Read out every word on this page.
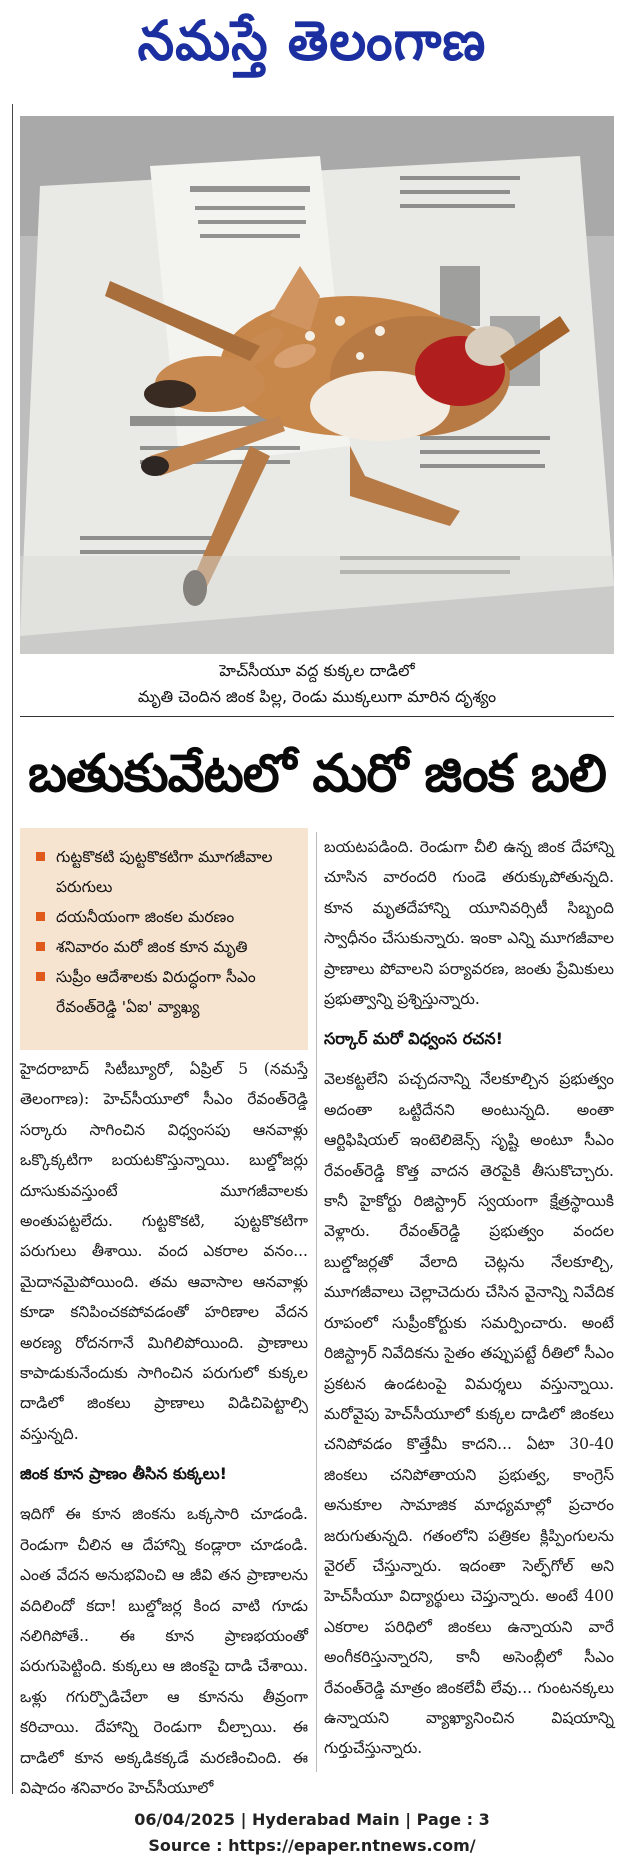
నమస్తే తెలంగాణ
హెచ్‌సీయూ వద్ద కుక్కల దాడిలో
మృతి చెందిన జింక పిల్ల, రెండు ముక్కలుగా మారిన దృశ్యం
బతుకువేటలో మరో జింక బలి
గుట్టకొకటి పుట్టకొకటిగా మూగజీవాల పరుగులు
దయనీయంగా జింకల మరణం
శనివారం మరో జింక కూన మృతి
సుప్రీం ఆదేశాలకు విరుద్ధంగా సీఎం రేవంత్‌రెడ్డి 'ఏఐ' వ్యాఖ్య

హైదరాబాద్ సిటీబ్యూరో, ఏప్రిల్ 5 (నమస్తే తెలంగాణ): హెచ్‌సీయూలో సీఎం రేవంత్‌రెడ్డి సర్కారు సాగించిన విధ్వంసపు ఆనవాళ్లు ఒక్కొక్కటిగా బయటకొస్తున్నాయి. బుల్డోజర్లు దూసుకువస్తుంటే మూగజీవాలకు అంతుపట్టలేదు. గుట్టకొకటి, పుట్టకొకటిగా పరుగులు తీశాయి. వంద ఎకరాల వనం... మైదానమైపోయింది. తమ ఆవాసాల ఆనవాళ్లు కూడా కనిపించకపోవడంతో హరిణాల వేదన అరణ్య రోదనగానే మిగిలిపోయింది. ప్రాణాలు కాపాడుకునేందుకు సాగించిన పరుగులో కుక్కల దాడిలో జింకలు ప్రాణాలు విడిచిపెట్టాల్సి వస్తున్నది.

జింక కూన ప్రాణం తీసిన కుక్కలు!

ఇదిగో ఈ కూన జింకను ఒక్కసారి చూడండి. రెండుగా చీలిన ఆ దేహాన్ని కండ్లారా చూడండి. ఎంత వేదన అనుభవించి ఆ జీవి తన ప్రాణాలను వదిలిందో కదా! బుల్డోజర్ల కింద వాటి గూడు నలిగిపోతే.. ఈ కూన ప్రాణభయంతో పరుగుపెట్టింది. కుక్కలు ఆ జింకపై దాడి చేశాయి. ఒళ్లు గగుర్పొడిచేలా ఆ కూనను తీవ్రంగా కరిచాయి. దేహాన్ని రెండుగా చీల్చాయి. ఈ దాడిలో కూన అక్కడికక్కడే మరణించింది. ఈ విషాదం శనివారం హెచ్‌సీయూలో

బయటపడింది. రెండుగా చీలి ఉన్న జింక దేహాన్ని చూసిన వారందరి గుండె తరుక్కుపోతున్నది. కూన మృతదేహాన్ని యూనివర్సిటీ సిబ్బంది స్వాధీనం చేసుకున్నారు. ఇంకా ఎన్ని మూగజీవాల ప్రాణాలు పోవాలని పర్యావరణ, జంతు ప్రేమికులు ప్రభుత్వాన్ని ప్రశ్నిస్తున్నారు.

సర్కార్ మరో విధ్వంస రచన!

వెలకట్టలేని పచ్చదనాన్ని నేలకూల్చిన ప్రభుత్వం అదంతా ఒట్టిదేనని అంటున్నది. అంతా ఆర్టిఫిషియల్ ఇంటెలిజెన్స్ సృష్టి అంటూ సీఎం రేవంత్‌రెడ్డి కొత్త వాదన తెరపైకి తీసుకొచ్చారు. కానీ హైకోర్టు రిజిస్ట్రార్ స్వయంగా క్షేత్రస్థాయికి వెళ్లారు. రేవంత్‌రెడ్డి ప్రభుత్వం వందల బుల్డోజర్లతో వేలాది చెట్లను నేలకూల్చి, మూగజీవాలు చెల్లాచెదురు చేసిన వైనాన్ని నివేదిక రూపంలో సుప్రీంకోర్టుకు సమర్పించారు. అంటే రిజిస్ట్రార్ నివేదికను సైతం తప్పుపట్టే రీతిలో సీఎం ప్రకటన ఉండటంపై విమర్శలు వస్తున్నాయి. మరోవైపు హెచ్‌సీయూలో కుక్కల దాడిలో జింకలు చనిపోవడం కొత్తేమీ కాదని... ఏటా 30-40 జింకలు చనిపోతాయని ప్రభుత్వ, కాంగ్రెస్ అనుకూల సామాజిక మాధ్యమాల్లో ప్రచారం జరుగుతున్నది. గతంలోని పత్రికల క్లిప్పింగులను వైరల్ చేస్తున్నారు. ఇదంతా సెల్ఫ్‌గోల్ అని హెచ్‌సీయూ విద్యార్థులు చెప్తున్నారు. అంటే 400 ఎకరాల పరిధిలో జింకలు ఉన్నాయని వారే అంగీకరిస్తున్నారని, కానీ అసెంబ్లీలో సీఎం రేవంత్‌రెడ్డి మాత్రం జింకలేవీ లేవు... గుంటనక్కలు ఉన్నాయని వ్యాఖ్యానించిన విషయాన్ని గుర్తుచేస్తున్నారు.

06/04/2025 | Hyderabad Main | Page : 3
Source : https://epaper.ntnews.com/
